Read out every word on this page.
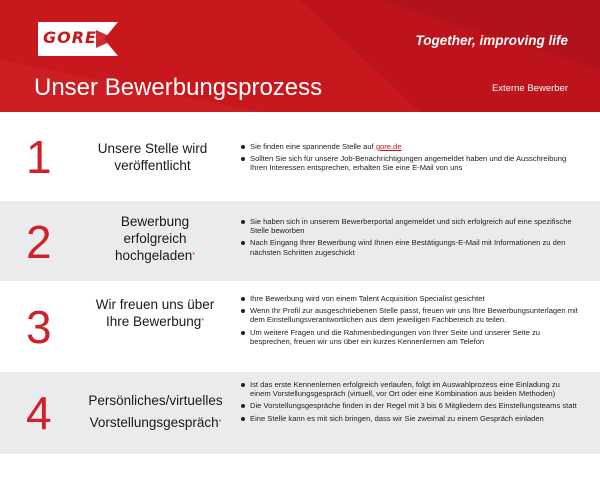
GORE	Together, improving life
Unser Bewerbungsprozess	Externe Bewerber
1	Unsere Stelle wird veröffentlicht
Sie finden eine spannende Stelle auf gore.de
Sollten Sie sich für unsere Job-Benachrichtigungen angemeldet haben und die Ausschreibung Ihren Interessen entsprechen, erhalten Sie eine E-Mail von uns
2	Bewerbung erfolgreich hochgeladen*
Sie haben sich in unserem Bewerberportal angemeldet und sich erfolgreich auf eine spezifische Stelle beworben
Nach Eingang Ihrer Bewerbung wird Ihnen eine Bestätigungs-E-Mail mit Informationen zu den nächsten Schritten zugeschickt
3	Wir freuen uns über Ihre Bewerbung*
Ihre Bewerbung wird von einem Talent Acquisition Specialist gesichtet
Wenn Ihr Profil zur ausgeschriebenen Stelle passt, freuen wir uns Ihre Bewerbungsunterlagen mit dem Einstellungsverantwortlichen aus dem jeweiligen Fachbereich zu teilen.
Um weitere Fragen und die Rahmenbedingungen von Ihrer Seite und unserer Seite zu besprechen, freuen wir uns über ein kurzes Kennenlernen am Telefon
4	Persönliches/virtuelles Vorstellungsgespräch*
Ist das erste Kennenlernen erfolgreich verlaufen, folgt im Auswahlprozess eine Einladung zu einem Vorstellungsgespräch (virtuell, vor Ort oder eine Kombination aus beiden Methoden)
Die Vorstellungsgespräche finden in der Regel mit 3 bis 6 Mitgliedern des Einstellungsteams statt
Eine Stelle kann es mit sich bringen, dass wir Sie zweimal zu einem Gespräch einladen
